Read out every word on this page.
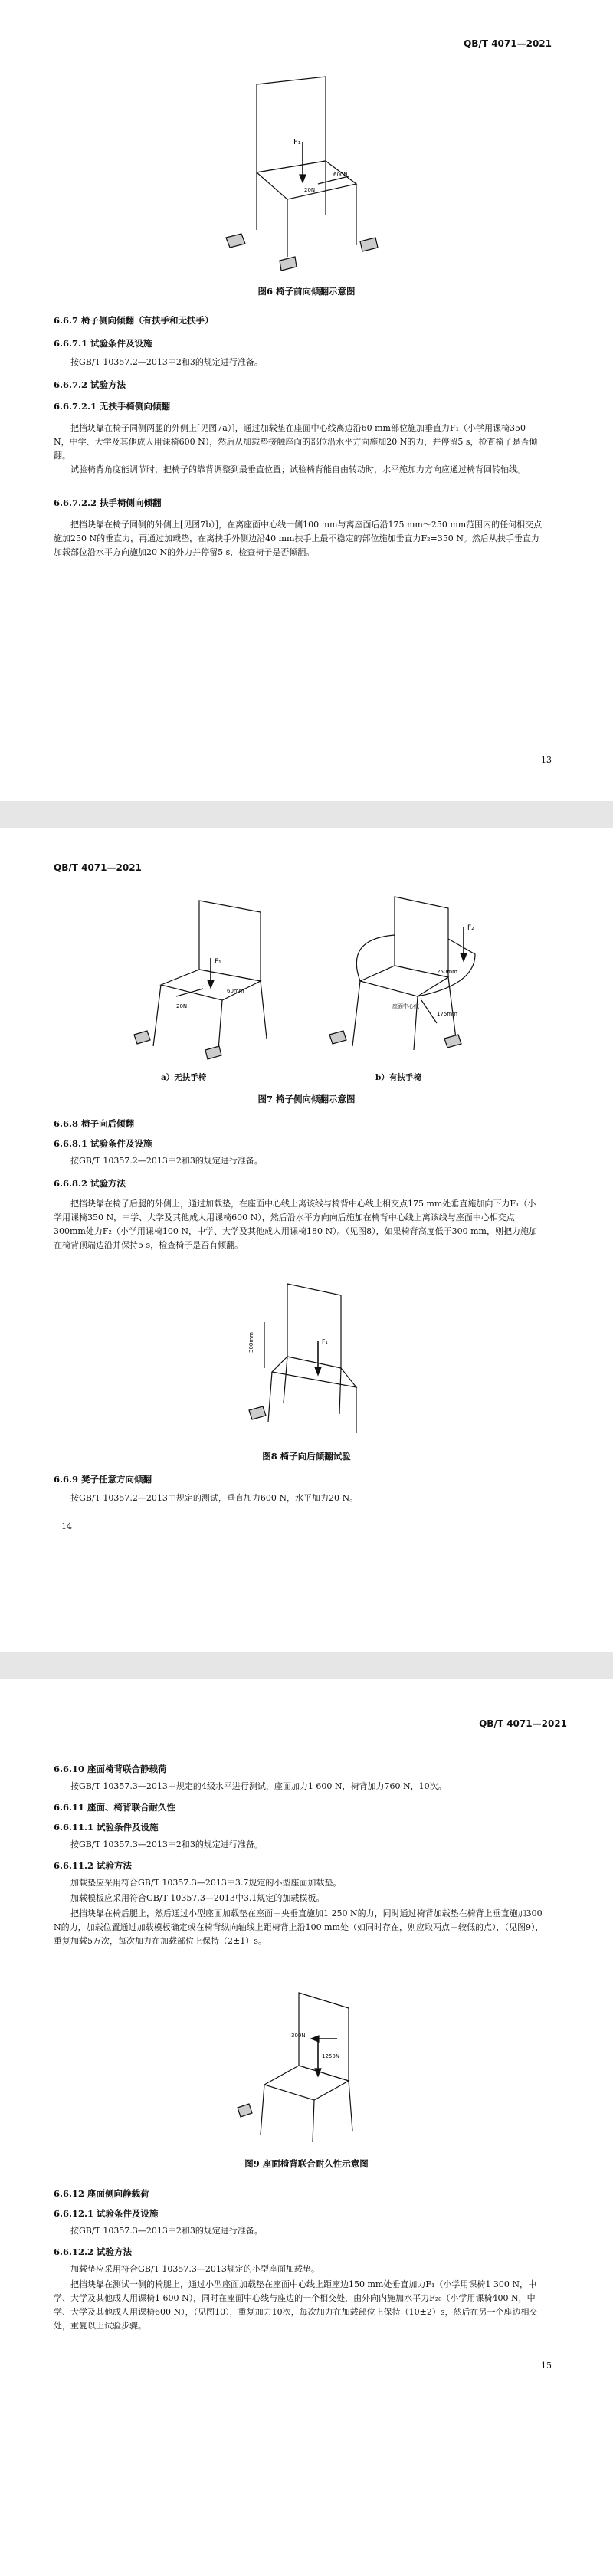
QB/T 4071—2021
F₁
600N
20N
图6 椅子前向倾翻示意图
6.6.7 椅子侧向倾翻（有扶手和无扶手）
6.6.7.1 试验条件及设施
按GB/T 10357.2—2013中2和3的规定进行准备。
6.6.7.2 试验方法
6.6.7.2.1 无扶手椅侧向倾翻
把挡块靠在椅子同侧两腿的外侧上[见图7a）]，通过加载垫在座面中心线离边沿60 mm部位施加垂直力F₁（小学用课椅350 N，中学、大学及其他成人用课椅600 N），然后从加载垫接触座面的部位沿水平方向施加20 N的力，并停留5 s，检查椅子是否倾翻。
试验椅背角度能调节时，把椅子的靠背调整到最垂直位置；试验椅背能自由转动时，水平施加力方向应通过椅背回转轴线。
6.6.7.2.2 扶手椅侧向倾翻
把挡块靠在椅子同侧的外侧上[见图7b）]，在离座面中心线一侧100 mm与离座面后沿175 mm～250 mm范围内的任何相交点施加250 N的垂直力，再通过加载垫，在离扶手外侧边沿40 mm扶手上最不稳定的部位施加垂直力F₂=350 N。然后从扶手垂直力加载部位沿水平方向施加20 N的外力并停留5 s，检查椅子是否倾翻。
13
QB/T 4071—2021
F₁
20N
60mm
F₂
250mm
175mm
座面中心线
a）无扶手椅	b）有扶手椅
图7 椅子侧向倾翻示意图
6.6.8 椅子向后倾翻
6.6.8.1 试验条件及设施
按GB/T 10357.2—2013中2和3的规定进行准备。
6.6.8.2 试验方法
把挡块靠在椅子后腿的外侧上，通过加载垫，在座面中心线上离该线与椅背中心线上相交点175 mm处垂直施加向下力F₁（小学用课椅350 N，中学、大学及其他成人用课椅600 N），然后沿水平方向向后施加在椅背中心线上离该线与座面中心相交点300mm处力F₂（小学用课椅100 N，中学、大学及其他成人用课椅180 N）。（见图8），如果椅背高度低于300 mm，则把力施加在椅背顶端边沿并保持5 s，检查椅子是否有倾翻。
F₁
300mm
图8 椅子向后倾翻试验
6.6.9 凳子任意方向倾翻
按GB/T 10357.2—2013中规定的测试，垂直加力600 N，水平加力20 N。
14
QB/T 4071—2021
6.6.10 座面椅背联合静载荷
按GB/T 10357.3—2013中规定的4级水平进行测试，座面加力1 600 N，椅背加力760 N，10次。
6.6.11 座面、椅背联合耐久性
6.6.11.1 试验条件及设施
按GB/T 10357.3—2013中2和3的规定进行准备。
6.6.11.2 试验方法
加载垫应采用符合GB/T 10357.3—2013中3.7规定的小型座面加载垫。
加载模板应采用符合GB/T 10357.3—2013中3.1规定的加载模板。
把挡块靠在椅后腿上，然后通过小型座面加载垫在座面中央垂直施加1 250 N的力，同时通过椅背加载垫在椅背上垂直施加300 N的力，加载位置通过加载模板确定或在椅背纵向轴线上距椅背上沿100 mm处（如同时存在，则应取两点中较低的点），（见图9），重复加载5万次，每次加力在加载部位上保持（2±1）s。
300N
1250N
图9 座面椅背联合耐久性示意图
6.6.12 座面侧向静载荷
6.6.12.1 试验条件及设施
按GB/T 10357.3—2013中2和3的规定进行准备。
6.6.12.2 试验方法
加载垫应采用符合GB/T 10357.3—2013规定的小型座面加载垫。
把挡块靠在测试一侧的椅腿上，通过小型座面加载垫在座面中心线上距座边150 mm处垂直加力F₁（小学用课椅1 300 N，中学、大学及其他成人用课椅1 600 N），同时在座面中心线与座边的一个相交处，由外向内施加水平力F₂₀（小学用课椅400 N，中学、大学及其他成人用课椅600 N），（见图10），重复加力10次，每次加力在加载部位上保持（10±2）s，然后在另一个座边相交处，重复以上试验步骤。
15
